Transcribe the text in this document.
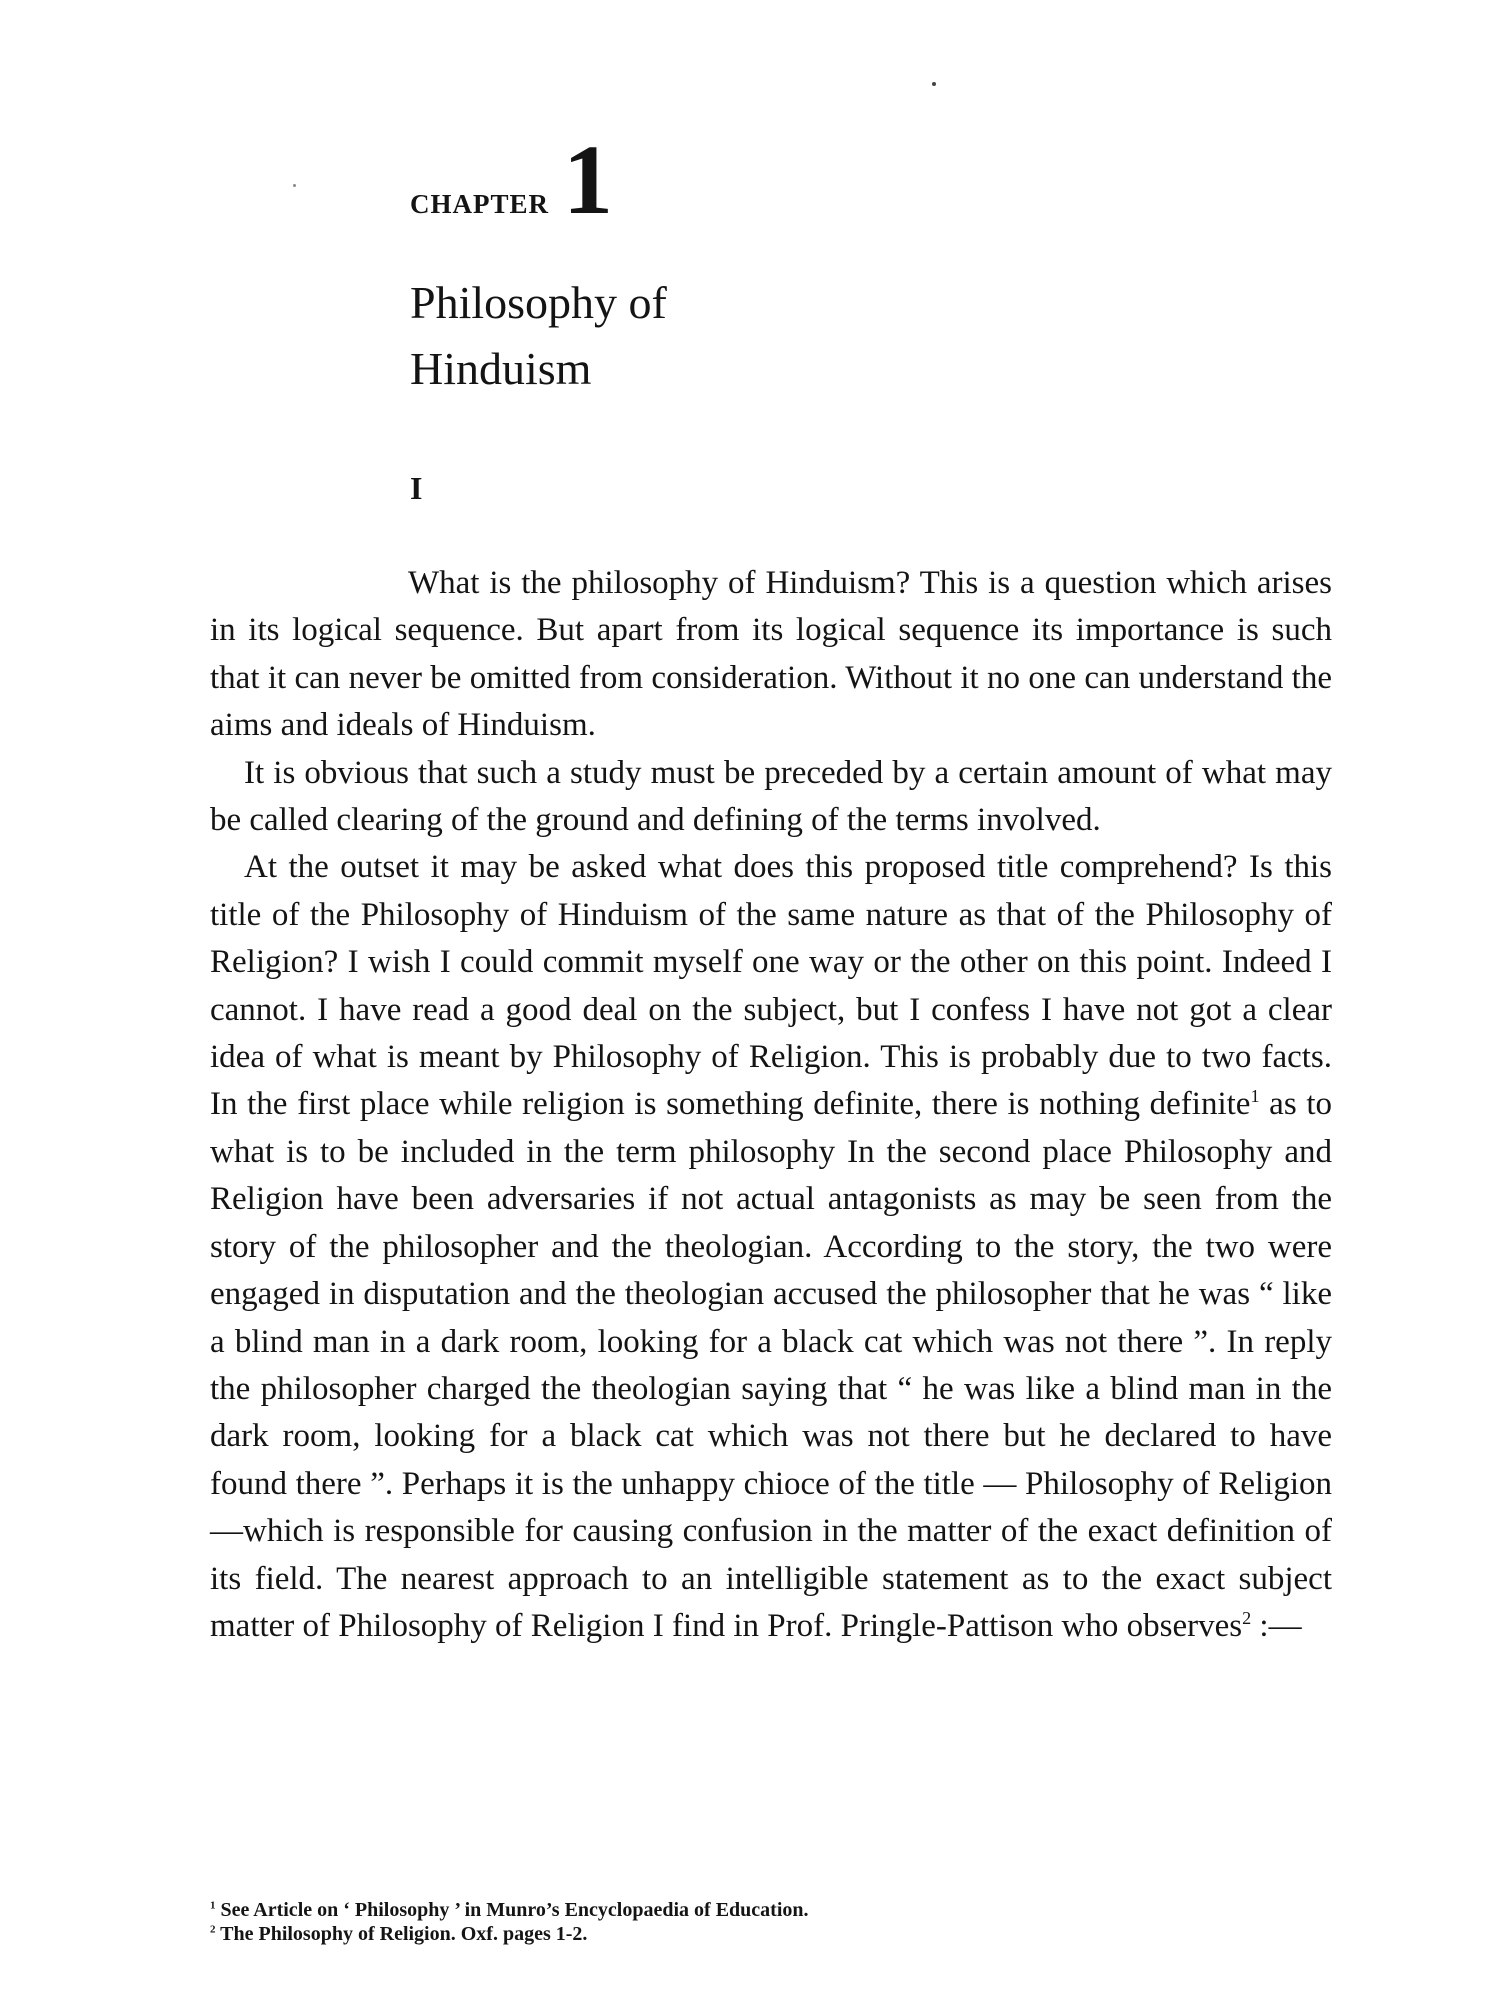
CHAPTER 1
Philosophy of
Hinduism
I

What is the philosophy of Hinduism? This is a question which arises in its logical sequence. But apart from its logical sequence its importance is such that it can never be omitted from consideration. Without it no one can understand the aims and ideals of Hinduism.

It is obvious that such a study must be preceded by a certain amount of what may be called clearing of the ground and defining of the terms involved.

At the outset it may be asked what does this proposed title comprehend? Is this title of the Philosophy of Hinduism of the same nature as that of the Philosophy of Religion? I wish I could commit myself one way or the other on this point. Indeed I cannot. I have read a good deal on the subject, but I confess I have not got a clear idea of what is meant by Philosophy of Religion. This is probably due to two facts. In the first place while religion is something definite, there is nothing definite$^1$ as to what is to be included in the term philosophy In the second place Philosophy and Religion have been adversaries if not actual antagonists as may be seen from the story of the philosopher and the theologian. According to the story, the two were engaged in disputation and the theologian accused the philosopher that he was “ like a blind man in a dark room, looking for a black cat which was not there ”. In reply the philosopher charged the theologian saying that “ he was like a blind man in the dark room, looking for a black cat which was not there but he declared to have found there ”. Perhaps it is the unhappy chioce of the title — Philosophy of Religion—which is responsible for causing confusion in the matter of the exact definition of its field. The nearest approach to an intelligible statement as to the exact subject matter of Philosophy of Religion I find in Prof. Pringle-Pattison who observes$^2$ :—

$^1$ See Article on ‘ Philosophy ’ in Munro’s Encyclopaedia of Education.

$^2$ The Philosophy of Religion. Oxf. pages 1-2.
